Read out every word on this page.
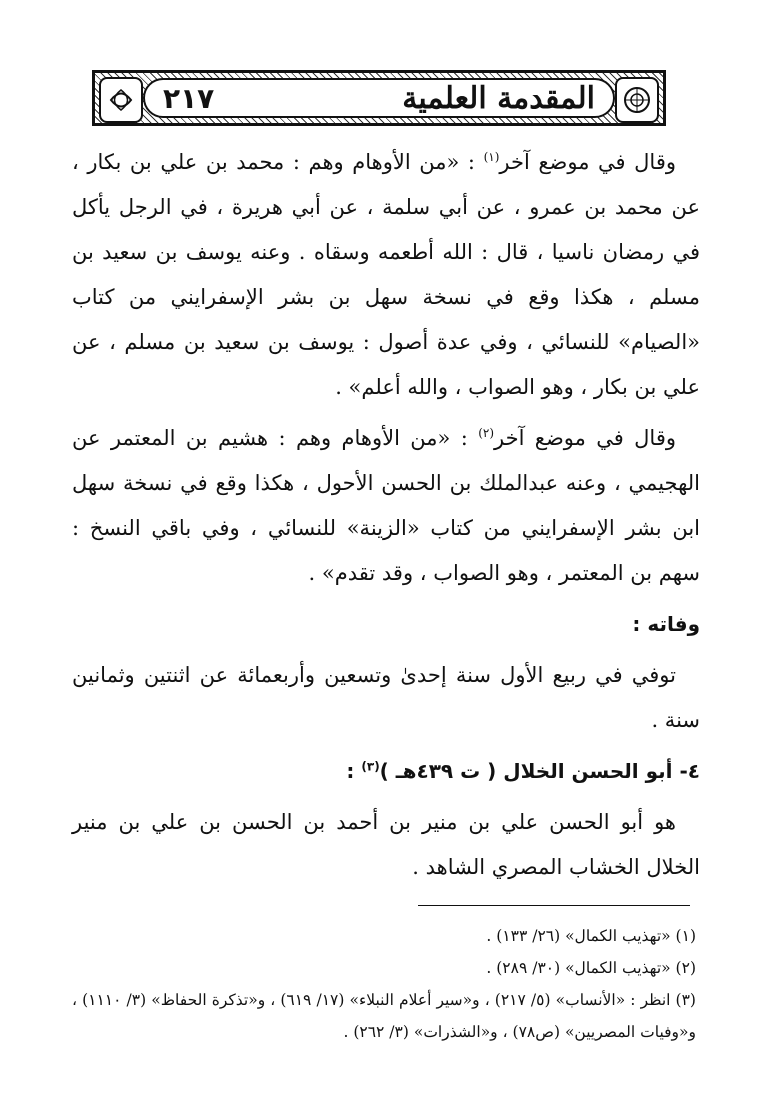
٢١٧	المقدمة العلمية

وقال في موضع آخر$^{(١)}$ : «من الأوهام وهم : محمد بن علي بن بكار ، عن محمد بن عمرو ، عن أبي سلمة ، عن أبي هريرة ، في الرجل يأكل في رمضان ناسيا ، قال : الله أطعمه وسقاه . وعنه يوسف بن سعيد بن مسلم ، هكذا وقع في نسخة سهل بن بشر الإسفرايني من كتاب «الصيام» للنسائي ، وفي عدة أصول : يوسف بن سعيد بن مسلم ، عن علي بن بكار ، وهو الصواب ، والله أعلم» .

وقال في موضع آخر$^{(٢)}$ : «من الأوهام وهم : هشيم بن المعتمر عن الهجيمي ، وعنه عبدالملك بن الحسن الأحول ، هكذا وقع في نسخة سهل ابن بشر الإسفرايني من كتاب «الزينة» للنسائي ، وفي باقي النسخ : سهم بن المعتمر ، وهو الصواب ، وقد تقدم» .

وفاته :

توفي في ربيع الأول سنة إحدىٰ وتسعين وأربعمائة عن اثنتين وثمانين سنة .

٤- أبو الحسن الخلال ( ت ٤٣٩هـ )$^{(٣)}$ :

هو أبو الحسن علي بن منير بن أحمد بن الحسن بن علي بن منير الخلال الخشاب المصري الشاهد .

(١) «تهذيب الكمال» (٢٦/ ١٣٣) .

(٢) «تهذيب الكمال» (٣٠/ ٢٨٩) .

(٣) انظر : «الأنساب» (٥/ ٢١٧) ، و«سير أعلام النبلاء» (١٧/ ٦١٩) ، و«تذكرة الحفاظ» (٣/ ١١١٠) ، و«وفيات المصريين» (ص٧٨) ، و«الشذرات» (٣/ ٢٦٢) .
